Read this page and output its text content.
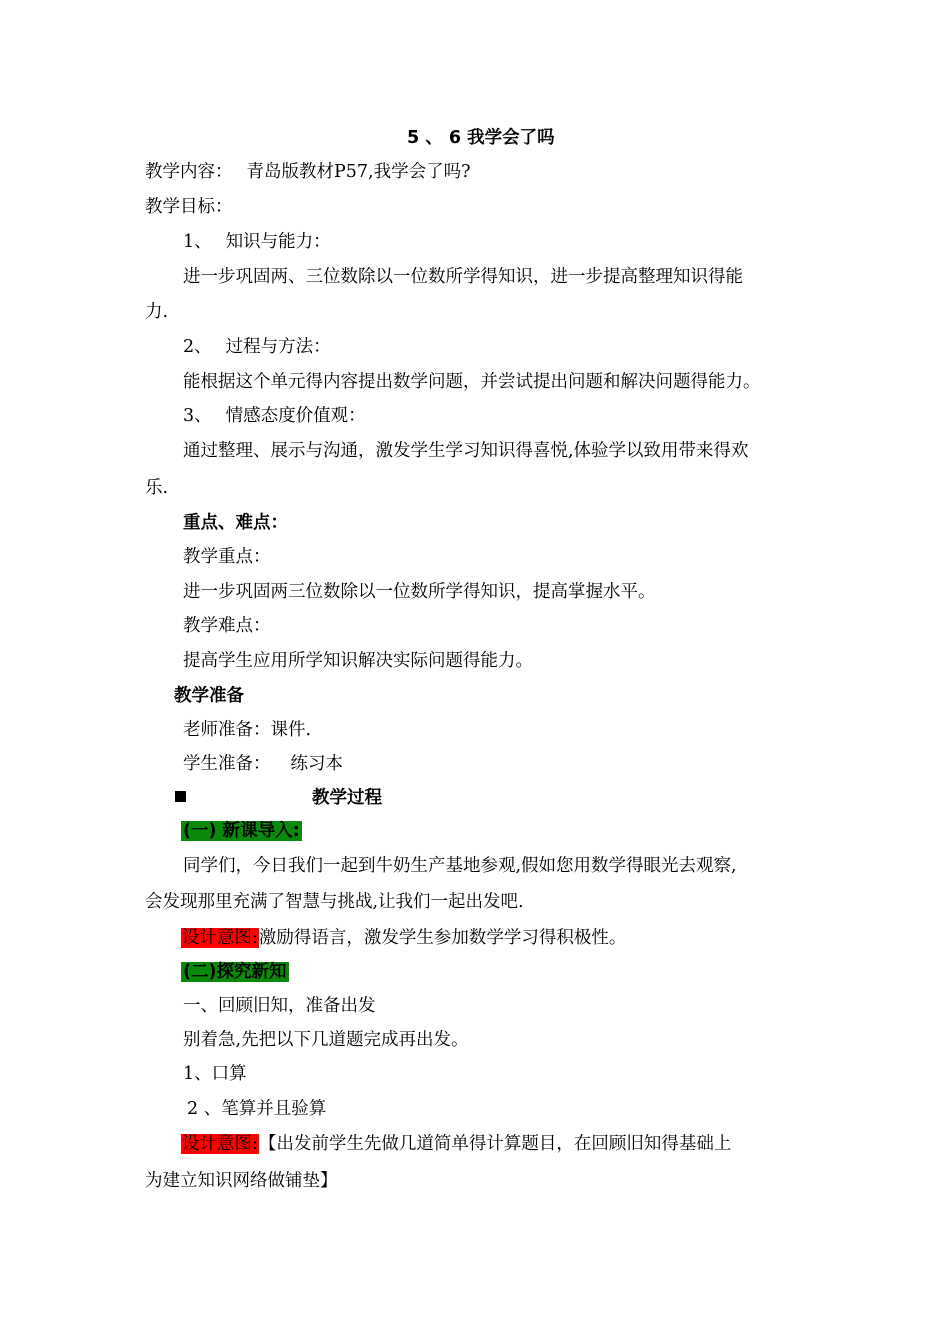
5 、 6 我学会了吗
教学内容： 青岛版教材P57,我学会了吗?
教学目标：
1、 知识与能力：
进一步巩固两、三位数除以一位数所学得知识，进一步提高整理知识得能
力.
2、 过程与方法：
能根据这个单元得内容提出数学问题，并尝试提出问题和解决问题得能力。
3、 情感态度价值观：
通过整理、展示与沟通，激发学生学习知识得喜悦,体验学以致用带来得欢
乐.
重点、难点：
教学重点：
进一步巩固两三位数除以一位数所学得知识，提高掌握水平。
教学难点：
提高学生应用所学知识解决实际问题得能力。
教学准备
老师准备：课件.
学生准备： 练习本
教学过程
(一) 新课导入:
同学们，今日我们一起到牛奶生产基地参观,假如您用数学得眼光去观察,
会发现那里充满了智慧与挑战,让我们一起出发吧.
设计意图:激励得语言，激发学生参加数学学习得积极性。
(二)探究新知
一、回顾旧知，准备出发
别着急,先把以下几道题完成再出发。
1、口算
2 、笔算并且验算
设计意图:【出发前学生先做几道简单得计算题目，在回顾旧知得基础上
为建立知识网络做铺垫】
